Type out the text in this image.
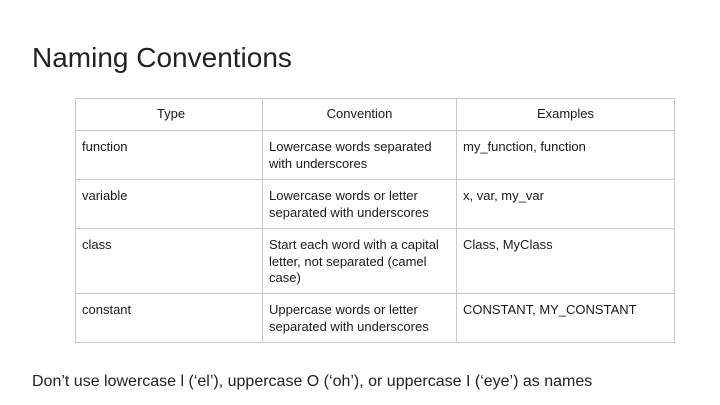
Naming Conventions
Type	Convention	Examples
function	Lowercase words separated with underscores	my_function, function
variable	Lowercase words or letter separated with underscores	x, var, my_var
class	Start each word with a capital letter, not separated (camel case)	Class, MyClass
constant	Uppercase words or letter separated with underscores	CONSTANT, MY_CONSTANT
Don’t use lowercase l (‘el’), uppercase O (‘oh’), or uppercase I (‘eye’) as names
